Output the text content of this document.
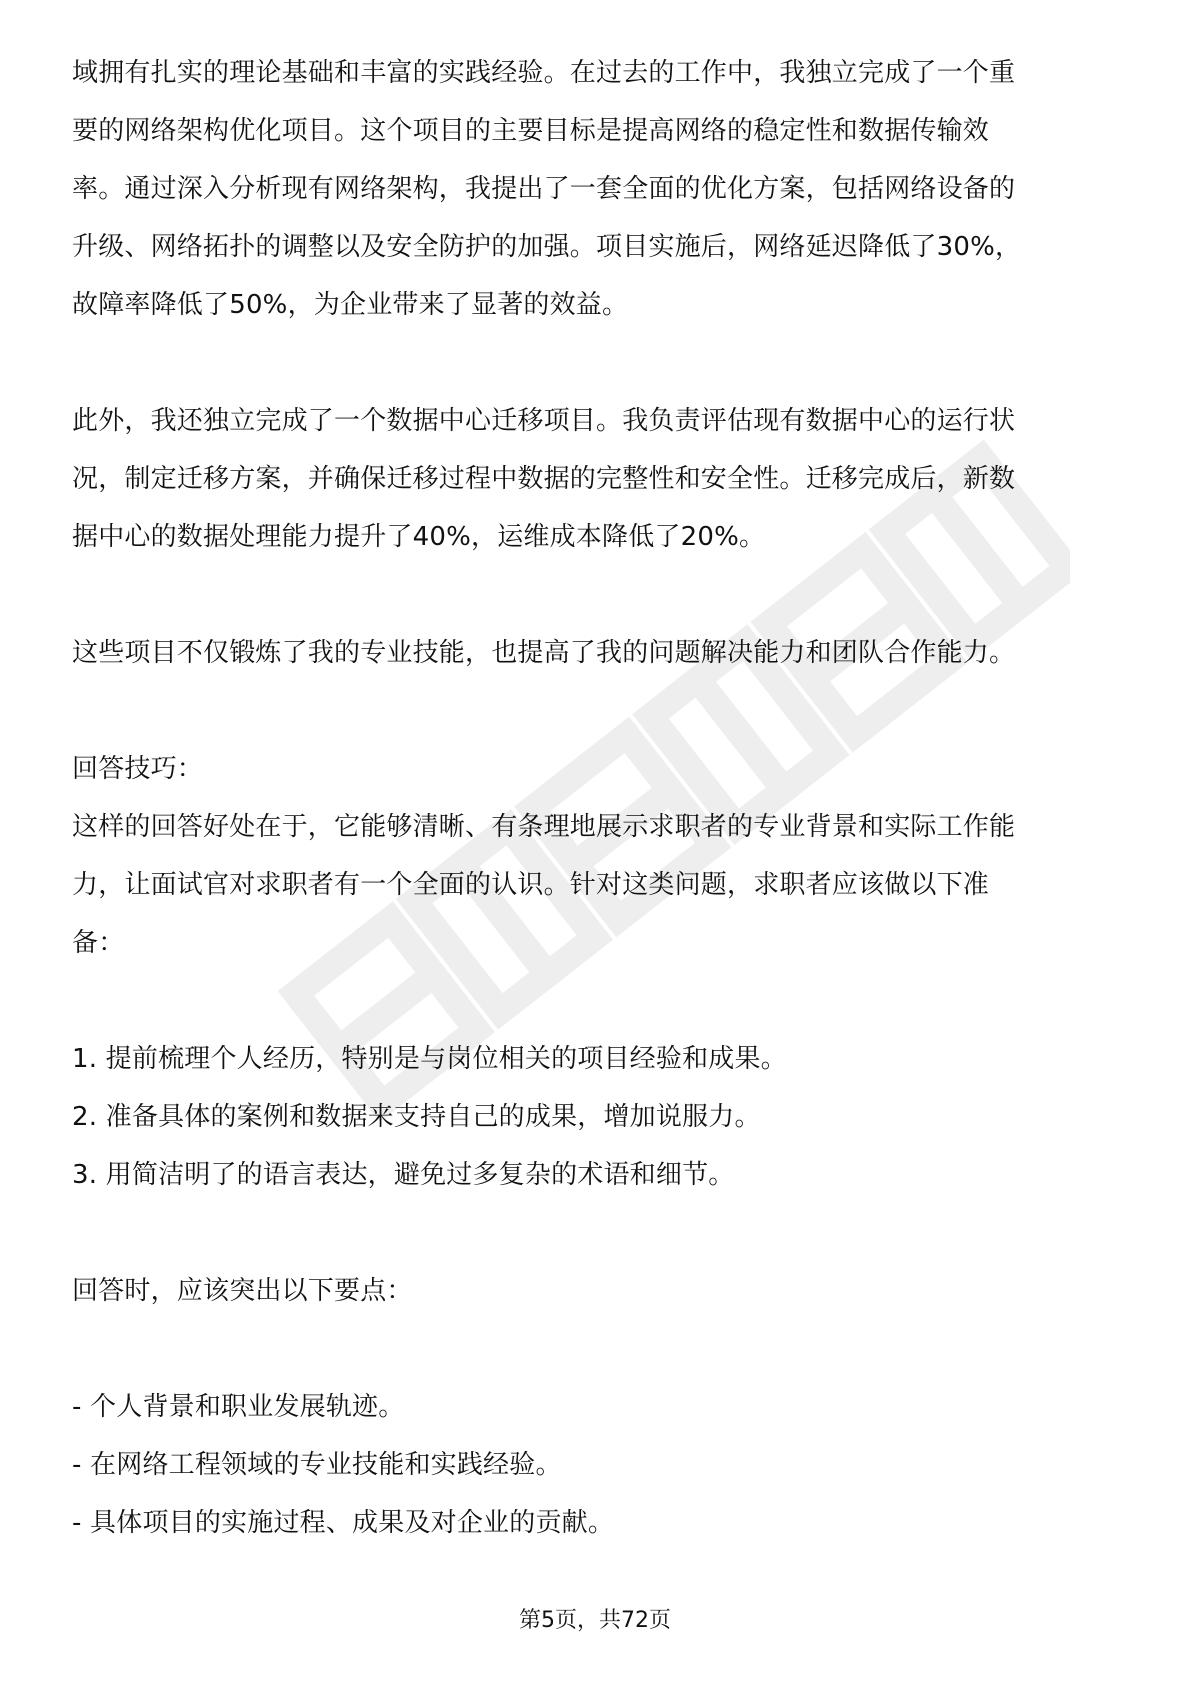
域拥有扎实的理论基础和丰富的实践经验。在过去的工作中，我独立完成了一个重
要的网络架构优化项目。这个项目的主要目标是提高网络的稳定性和数据传输效
率。通过深入分析现有网络架构，我提出了一套全面的优化方案，包括网络设备的
升级、网络拓扑的调整以及安全防护的加强。项目实施后，网络延迟降低了30%，
故障率降低了50%，为企业带来了显著的效益。
此外，我还独立完成了一个数据中心迁移项目。我负责评估现有数据中心的运行状
况，制定迁移方案，并确保迁移过程中数据的完整性和安全性。迁移完成后，新数
据中心的数据处理能力提升了40%，运维成本降低了20%。
这些项目不仅锻炼了我的专业技能，也提高了我的问题解决能力和团队合作能力。
回答技巧：
这样的回答好处在于，它能够清晰、有条理地展示求职者的专业背景和实际工作能
力，让面试官对求职者有一个全面的认识。针对这类问题，求职者应该做以下准
备：
1. 提前梳理个人经历，特别是与岗位相关的项目经验和成果。
2. 准备具体的案例和数据来支持自己的成果，增加说服力。
3. 用简洁明了的语言表达，避免过多复杂的术语和细节。
回答时，应该突出以下要点：
- 个人背景和职业发展轨迹。
- 在网络工程领域的专业技能和实践经验。
- 具体项目的实施过程、成果及对企业的贡献。
第5页，共72页
